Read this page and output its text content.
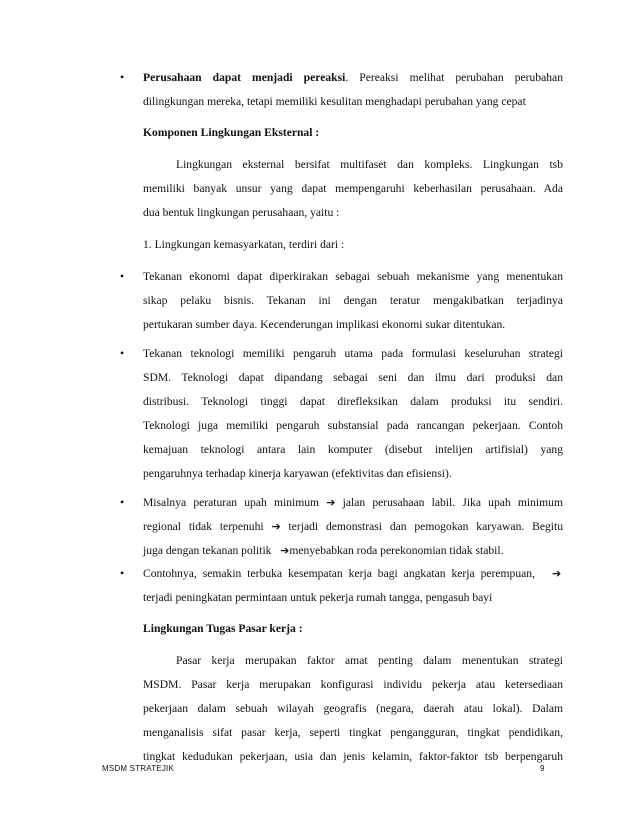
• Perusahaan dapat menjadi pereaksi. Pereaksi melihat perubahan perubahan
dilingkungan mereka, tetapi memiliki kesulitan menghadapi perubahan yang cepat
Komponen Lingkungan Eksternal :
Lingkungan eksternal bersifat multifaset dan kompleks. Lingkungan tsb
memiliki banyak unsur yang dapat mempengaruhi keberhasilan perusahaan. Ada
dua bentuk lingkungan perusahaan, yaitu :
1. Lingkungan kemasyarkatan, terdiri dari :
• Tekanan ekonomi dapat diperkirakan sebagai sebuah mekanisme yang menentukan
sikap pelaku bisnis. Tekanan ini dengan teratur mengakibatkan terjadinya
pertukaran sumber daya. Kecenderungan implikasi ekonomi sukar ditentukan.
• Tekanan teknologi memiliki pengaruh utama pada formulasi keseluruhan strategi
SDM. Teknologi dapat dipandang sebagai seni dan ilmu dari produksi dan
distribusi. Teknologi tinggi dapat direfleksikan dalam produksi itu sendiri.
Teknologi juga memiliki pengaruh substansial pada rancangan pekerjaan. Contoh
kemajuan teknologi antara lain komputer (disebut intelijen artifisial) yang
pengaruhnya terhadap kinerja karyawan (efektivitas dan efisiensi).
• Misalnya peraturan upah minimum ➔ jalan perusahaan labil. Jika upah minimum
regional tidak terpenuhi ➔ terjadi demonstrasi dan pemogokan karyawan. Begitu
juga dengan tekanan politik ➔menyebabkan roda perekonomian tidak stabil.
• Contohnya, semakin terbuka kesempatan kerja bagi angkatan kerja perempuan, ➔
terjadi peningkatan permintaan untuk pekerja rumah tangga, pengasuh bayi
Lingkungan Tugas Pasar kerja :
Pasar kerja merupakan faktor amat penting dalam menentukan strategi
MSDM. Pasar kerja merupakan konfigurasi individu pekerja atau ketersediaan
pekerjaan dalam sebuah wilayah geografis (negara, daerah atau lokal). Dalam
menganalisis sifat pasar kerja, seperti tingkat pengangguran, tingkat pendidikan,
tingkat kedudukan pekerjaan, usia dan jenis kelamin, faktor-faktor tsb berpengaruh
MSDM STRATEJIK	9
